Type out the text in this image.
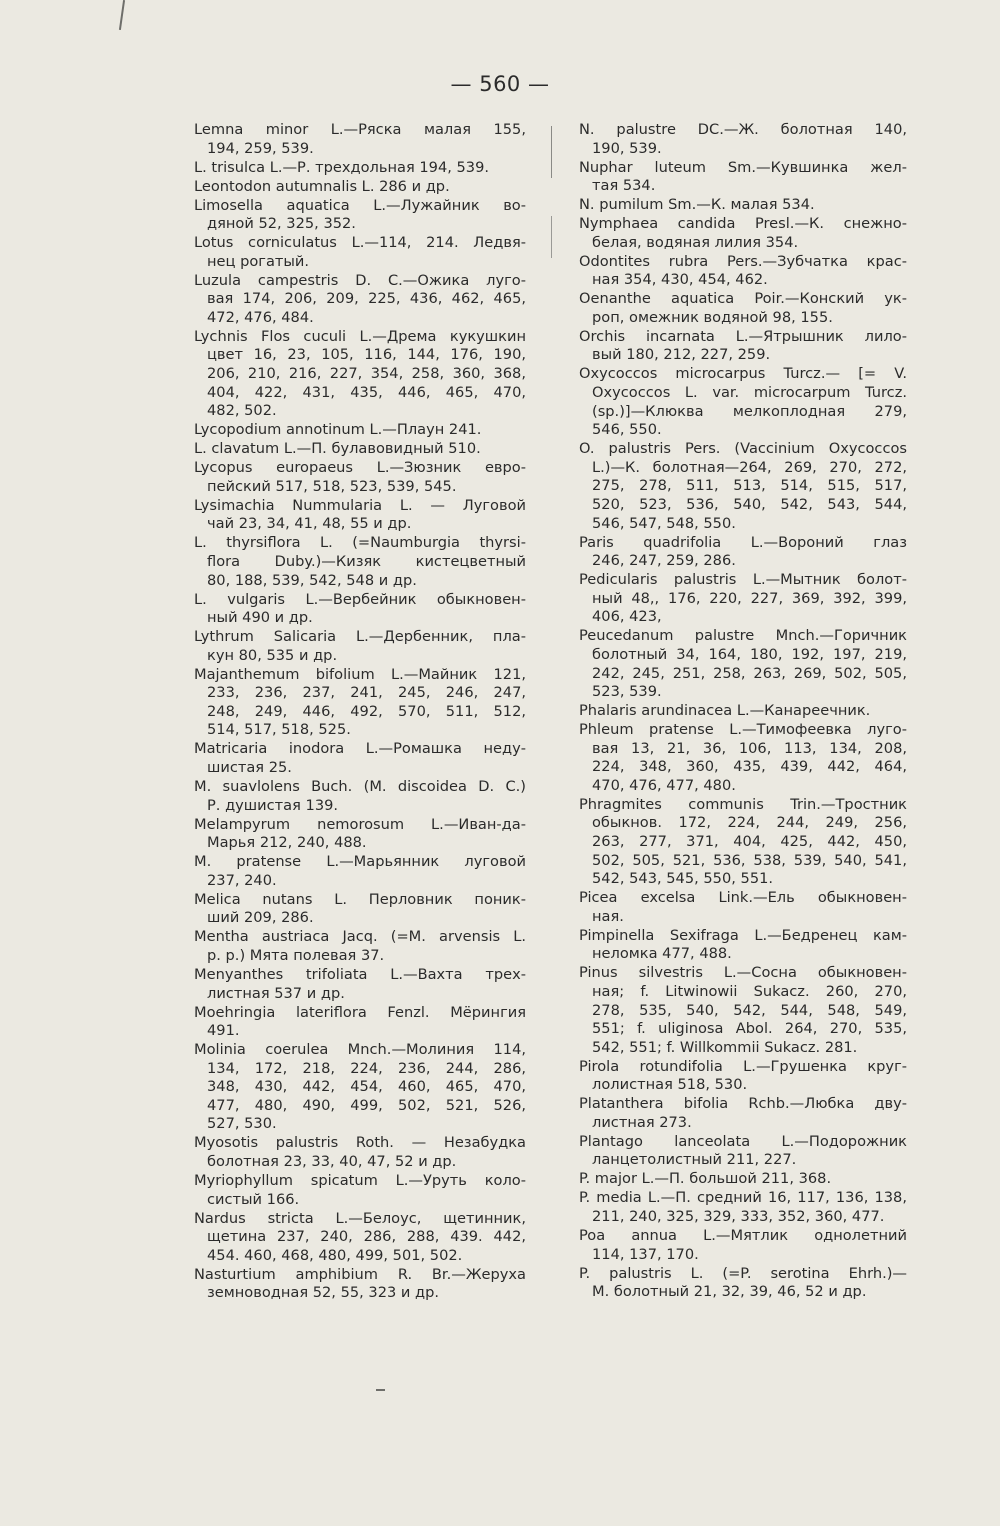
— 560 —
Lemna minor L.—Ряска малая 155,
194, 259, 539.
L. trisulca L.—Р. трехдольная 194, 539.
Leontodon autumnalis L. 286 и др.
Limosella aquatica L.—Лужайник во-
дяной 52, 325, 352.
Lotus corniculatus L.—114, 214. Ледвя-
нец рогатый.
Luzula campestris D. C.—Ожика луго-
вая 174, 206, 209, 225, 436, 462, 465,
472, 476, 484.
Lychnis Flos cuculi L.—Дрема кукушкин
цвет 16, 23, 105, 116, 144, 176, 190,
206, 210, 216, 227, 354, 258, 360, 368,
404, 422, 431, 435, 446, 465, 470,
482, 502.
Lycopodium annotinum L.—Плаун 241.
L. clavatum L.—П. булавовидный 510.
Lycopus europaeus L.—Зюзник евро-
пейский 517, 518, 523, 539, 545.
Lysimachia Nummularia L. — Луговой
чай 23, 34, 41, 48, 55 и др.
L. thyrsiflora L. (=Naumburgia thyrsi-
flora Duby.)—Кизяк кистецветный
80, 188, 539, 542, 548 и др.
L. vulgaris L.—Вербейник обыкновен-
ный 490 и др.
Lythrum Salicaria L.—Дербенник, пла-
кун 80, 535 и др.
Majanthemum bifolium L.—Майник 121,
233, 236, 237, 241, 245, 246, 247,
248, 249, 446, 492, 570, 511, 512,
514, 517, 518, 525.
Matricaria inodora L.—Ромашка неду-
шистая 25.
M. suavlolens Buch. (M. discoidea D. C.)
Р. душистая 139.
Melampyrum nemorosum L.—Иван-да-
Марья 212, 240, 488.
M. pratense L.—Марьянник луговой
237, 240.
Melica nutans L. Перловник поник-
ший 209, 286.
Mentha austriaca Jacq. (=M. arvensis L.
p. p.) Мята полевая 37.
Menyanthes trifoliata L.—Вахта трех-
листная 537 и др.
Moehringia lateriflora Fenzl. Мёрингия
491.
Molinia coerulea Mnch.—Молиния 114,
134, 172, 218, 224, 236, 244, 286,
348, 430, 442, 454, 460, 465, 470,
477, 480, 490, 499, 502, 521, 526,
527, 530.
Myosotis palustris Roth. — Незабудка
болотная 23, 33, 40, 47, 52 и др.
Myriophyllum spicatum L.—Уруть коло-
систый 166.
Nardus stricta L.—Белоус, щетинник,
щетина 237, 240, 286, 288, 439. 442,
454. 460, 468, 480, 499, 501, 502.
Nasturtium amphibium R. Br.—Жеруха
земноводная 52, 55, 323 и др.
N. palustre DC.—Ж. болотная 140,
190, 539.
Nuphar luteum Sm.—Кувшинка жел-
тая 534.
N. pumilum Sm.—К. малая 534.
Nymphaea candida Presl.—К. снежно-
белая, водяная лилия 354.
Odontites rubra Pers.—Зубчатка крас-
ная 354, 430, 454, 462.
Oenanthe aquatica Poir.—Конский ук-
роп, омежник водяной 98, 155.
Orchis incarnata L.—Ятрышник лило-
вый 180, 212, 227, 259.
Oxycoccos microcarpus Turcz.— [= V.
Oxycoccos L. var. microcarpum Turcz.
(sp.)]—Клюква мелкоплодная 279,
546, 550.
O. palustris Pers. (Vaccinium Oxycoccos
L.)—К. болотная—264, 269, 270, 272,
275, 278, 511, 513, 514, 515, 517,
520, 523, 536, 540, 542, 543, 544,
546, 547, 548, 550.
Paris quadrifolia L.—Вороний глаз
246, 247, 259, 286.
Pedicularis palustris L.—Мытник болот-
ный 48,, 176, 220, 227, 369, 392, 399,
406, 423,
Peucedanum palustre Mnch.—Горичник
болотный 34, 164, 180, 192, 197, 219,
242, 245, 251, 258, 263, 269, 502, 505,
523, 539.
Phalaris arundinacea L.—Канареечник.
Phleum pratense L.—Тимофеевка луго-
вая 13, 21, 36, 106, 113, 134, 208,
224, 348, 360, 435, 439, 442, 464,
470, 476, 477, 480.
Phragmites communis Trin.—Тростник
обыкнов. 172, 224, 244, 249, 256,
263, 277, 371, 404, 425, 442, 450,
502, 505, 521, 536, 538, 539, 540, 541,
542, 543, 545, 550, 551.
Picea excelsa Link.—Ель обыкновен-
ная.
Pimpinella Sexifraga L.—Бедренец кам-
неломка 477, 488.
Pinus silvestris L.—Сосна обыкновен-
ная; f. Litwinowii Sukacz. 260, 270,
278, 535, 540, 542, 544, 548, 549,
551; f. uliginosa Abol. 264, 270, 535,
542, 551; f. Willkommii Sukacz. 281.
Pirola rotundifolia L.—Грушенка круг-
лолистная 518, 530.
Platanthera bifolia Rchb.—Любка дву-
листная 273.
Plantago lanceolata L.—Подорожник
ланцетолистный 211, 227.
P. major L.—П. большой 211, 368.
P. media L.—П. средний 16, 117, 136, 138,
211, 240, 325, 329, 333, 352, 360, 477.
Poa annua L.—Мятлик однолетний
114, 137, 170.
P. palustris L. (=P. serotina Ehrh.)—
М. болотный 21, 32, 39, 46, 52 и др.
